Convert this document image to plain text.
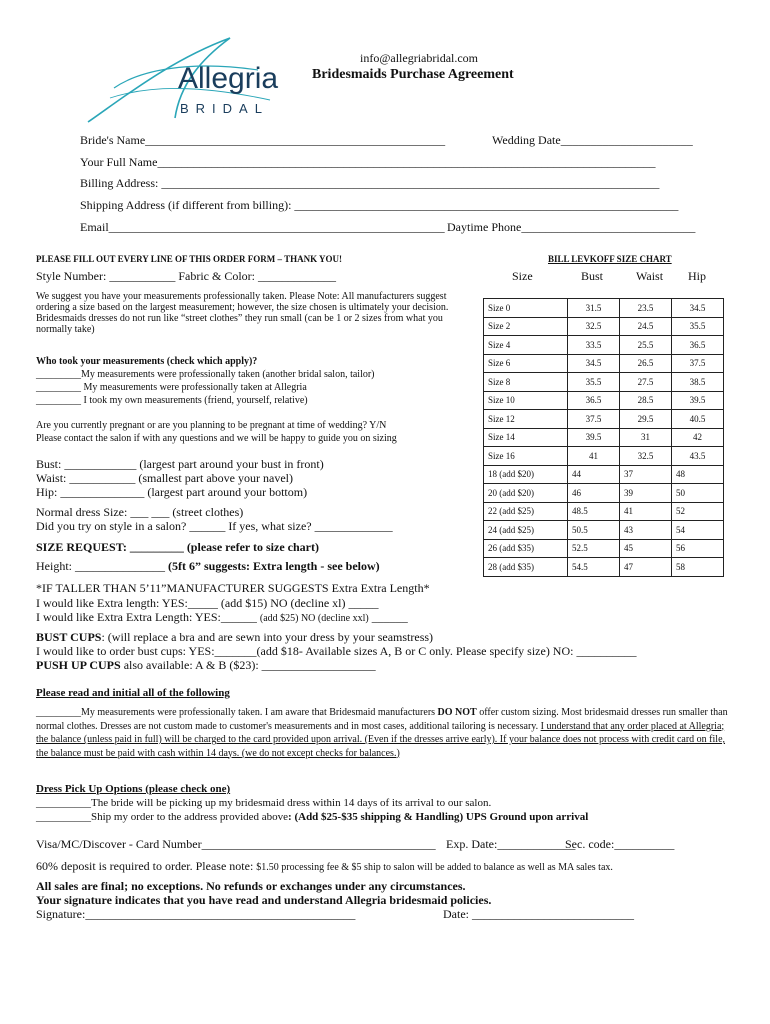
Allegria
BRIDAL
info@allegriabridal.com
Bridesmaids Purchase Agreement
Bride's Name__________________________________________________	Wedding Date______________________
Your Full Name___________________________________________________________________________________
Billing Address: ___________________________________________________________________________________
Shipping Address (if different from billing): ________________________________________________________________
Email________________________________________________________ Daytime Phone_____________________________
PLEASE FILL OUT EVERY LINE OF THIS ORDER FORM – THANK YOU!
Style Number: ___________ Fabric & Color: _____________
We suggest you have your measurements professionally taken. Please Note: All manufacturers suggest ordering a size based on the largest measurement; however, the size chosen is ultimately your decision. Bridesmaids dresses do not run like “street clothes” they run small (can be 1 or 2 sizes from what you normally take)
Who took your measurements (check which apply)?
_________My measurements were professionally taken (another bridal salon, tailor)
_________ My measurements were professionally taken at Allegria
_________ I took my own measurements (friend, yourself, relative)
Are you currently pregnant or are you planning to be pregnant at time of wedding? Y/N
Please contact the salon if with any questions and we will be happy to guide you on sizing
Bust: ____________ (largest part around your bust in front)
Waist: ___________ (smallest part above your navel)
Hip: ______________ (largest part around your bottom)
Normal dress Size: ___ ___ (street clothes)
Did you try on style in a salon? ______ If yes, what size? _____________
SIZE REQUEST: _________ (please refer to size chart)
Height: _______________ (5ft 6” suggests: Extra length - see below)
*IF TALLER THAN 5’11”MANUFACTURER SUGGESTS Extra Extra Length*
I would like Extra length: YES:_____ (add $15) NO (decline xl) _____
I would like Extra Extra Length: YES:______ (add $25) NO (decline xxl) ______
BILL LEVKOFF SIZE CHART
Size	Bust	Waist Hip
Size 0	31.5	23.5	34.5
Size 2	32.5	24.5	35.5
Size 4	33.5	25.5	36.5
Size 6	34.5	26.5	37.5
Size 8	35.5	27.5	38.5
Size 10	36.5	28.5	39.5
Size 12	37.5	29.5	40.5
Size 14	39.5	31	42
Size 16	41	32.5	43.5
18 (add $20)	44	37	48
20 (add $20)	46	39	50
22 (add $25)	48.5	41	52
24 (add $25)	50.5	43	54
26 (add $35)	52.5	45	56
28 (add $35)	54.5	47	58
BUST CUPS: (will replace a bra and are sewn into your dress by your seamstress)
I would like to order bust cups: YES:_______(add $18- Available sizes A, B or C only. Please specify size) NO: __________
PUSH UP CUPS also available: A & B ($23): ___________________
Please read and initial all of the following
_________My measurements were professionally taken. I am aware that Bridesmaid manufacturers DO NOT offer custom sizing. Most bridesmaid dresses run smaller than normal clothes. Dresses are not custom made to customer's measurements and in most cases, additional tailoring is necessary. I understand that any order placed at Allegria; the balance (unless paid in full) will be charged to the card provided upon arrival. (Even if the dresses arrive early). If your balance does not process with credit card on file, the balance must be paid with cash within 14 days. (we do not except checks for balances.)
Dress Pick Up Options (please check one)
__________The bride will be picking up my bridesmaid dress within 14 days of its arrival to our salon.
__________Ship my order to the address provided above: (Add $25-$35 shipping & Handling) UPS Ground upon arrival
Visa/MC/Discover - Card Number_______________________________________ Exp. Date:_____________
Sec. code:__________
60% deposit is required to order. Please note: $1.50 processing fee & $5 ship to salon will be added to balance as well as MA sales tax.
All sales are final; no exceptions. No refunds or exchanges under any circumstances.
Your signature indicates that you have read and understand Allegria bridesmaid policies.
Signature:_____________________________________________	Date: ___________________________
